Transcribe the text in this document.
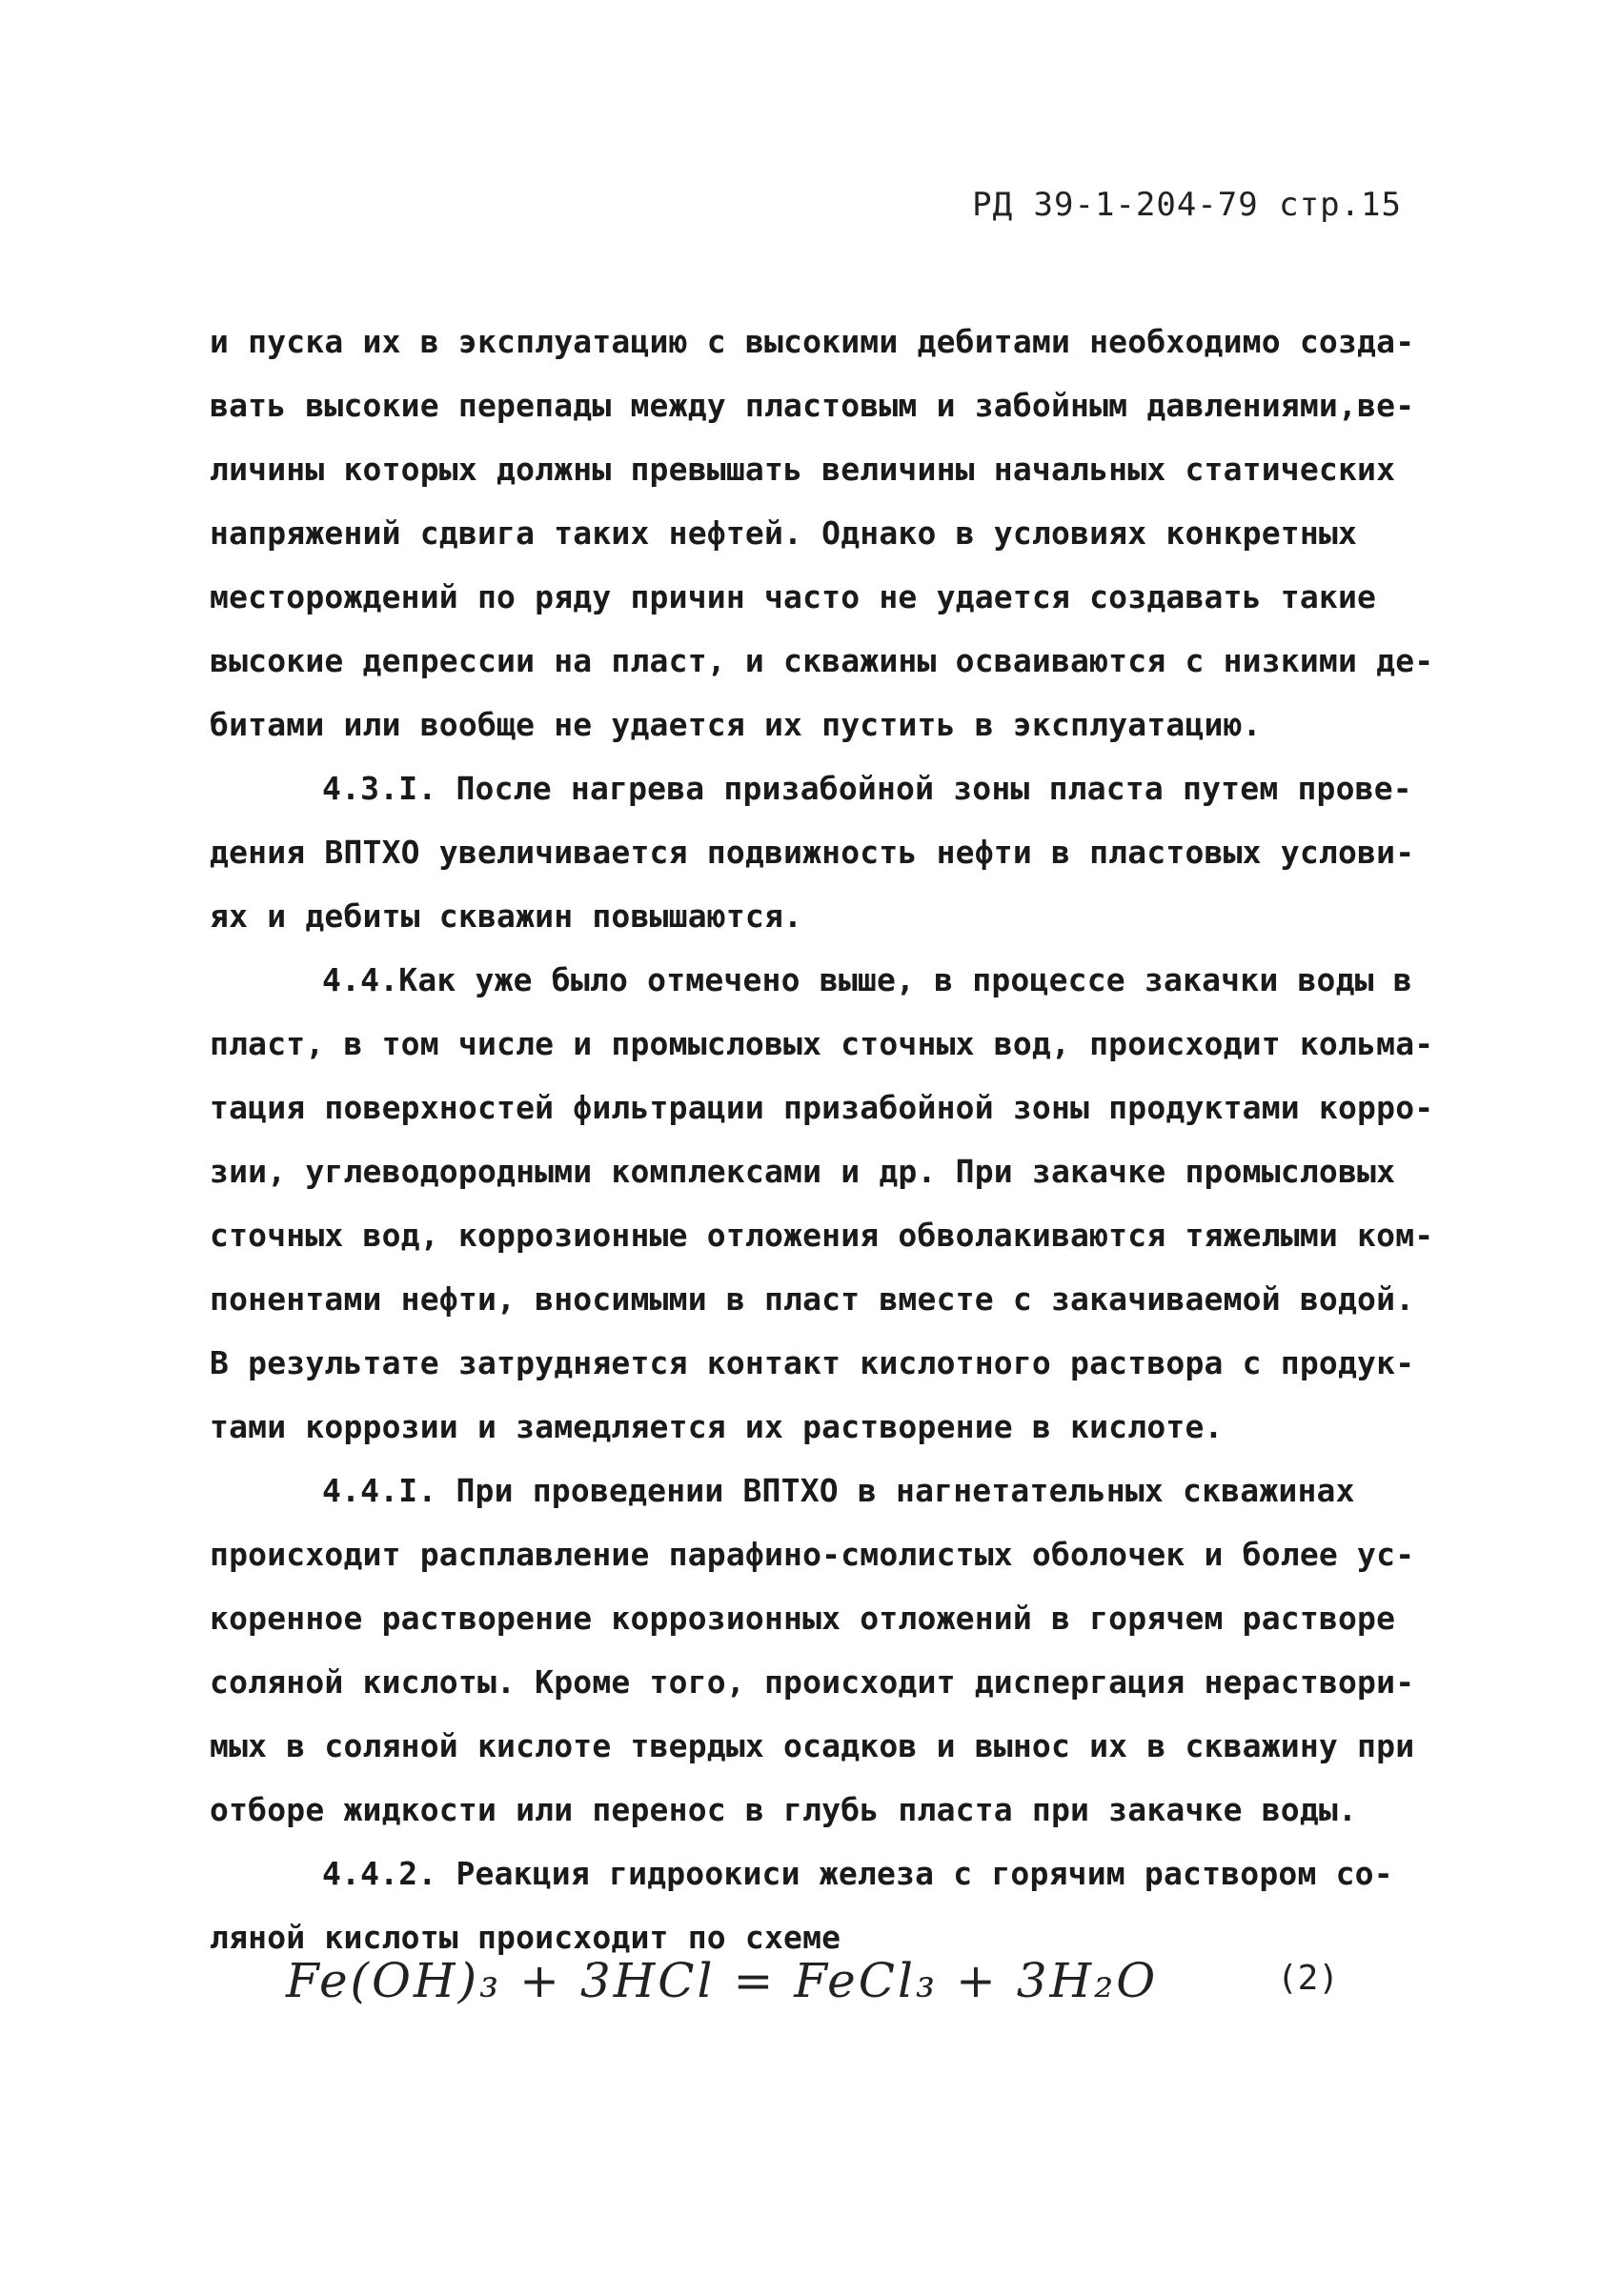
РД 39-1-204-79 стр.15
и пуска их в эксплуатацию с высокими дебитами необходимо созда-
вать высокие перепады между пластовым и забойным давлениями,ве-
личины которых должны превышать величины начальных статических
напряжений сдвига таких нефтей. Однако в условиях конкретных
месторождений по ряду причин часто не удается создавать такие
высокие депрессии на пласт, и скважины осваиваются с низкими де-
битами или вообще не удается их пустить в эксплуатацию.
4.3.I. После нагрева призабойной зоны пласта путем прове-
дения ВПТХО увеличивается подвижность нефти в пластовых услови-
ях и дебиты скважин повышаются.
4.4.Как уже было отмечено выше, в процессе закачки воды в
пласт, в том числе и промысловых сточных вод, происходит кольма-
тация поверхностей фильтрации призабойной зоны продуктами корро-
зии, углеводородными комплексами и др. При закачке промысловых
сточных вод, коррозионные отложения обволакиваются тяжелыми ком-
понентами нефти, вносимыми в пласт вместе с закачиваемой водой.
В результате затрудняется контакт кислотного раствора с продук-
тами коррозии и замедляется их растворение в кислоте.
4.4.I. При проведении ВПТХО в нагнетательных скважинах
происходит расплавление парафино-смолистых оболочек и более ус-
коренное растворение коррозионных отложений в горячем растворе
соляной кислоты. Кроме того, происходит диспергация нераствори-
мых в соляной кислоте твердых осадков и вынос их в скважину при
отборе жидкости или перенос в глубь пласта при закачке воды.
4.4.2. Реакция гидроокиси железа с горячим раствором со-
ляной кислоты происходит по схеме
Fe(OH)₃ + 3HCl = FeCl₃ + 3H₂O	(2)
